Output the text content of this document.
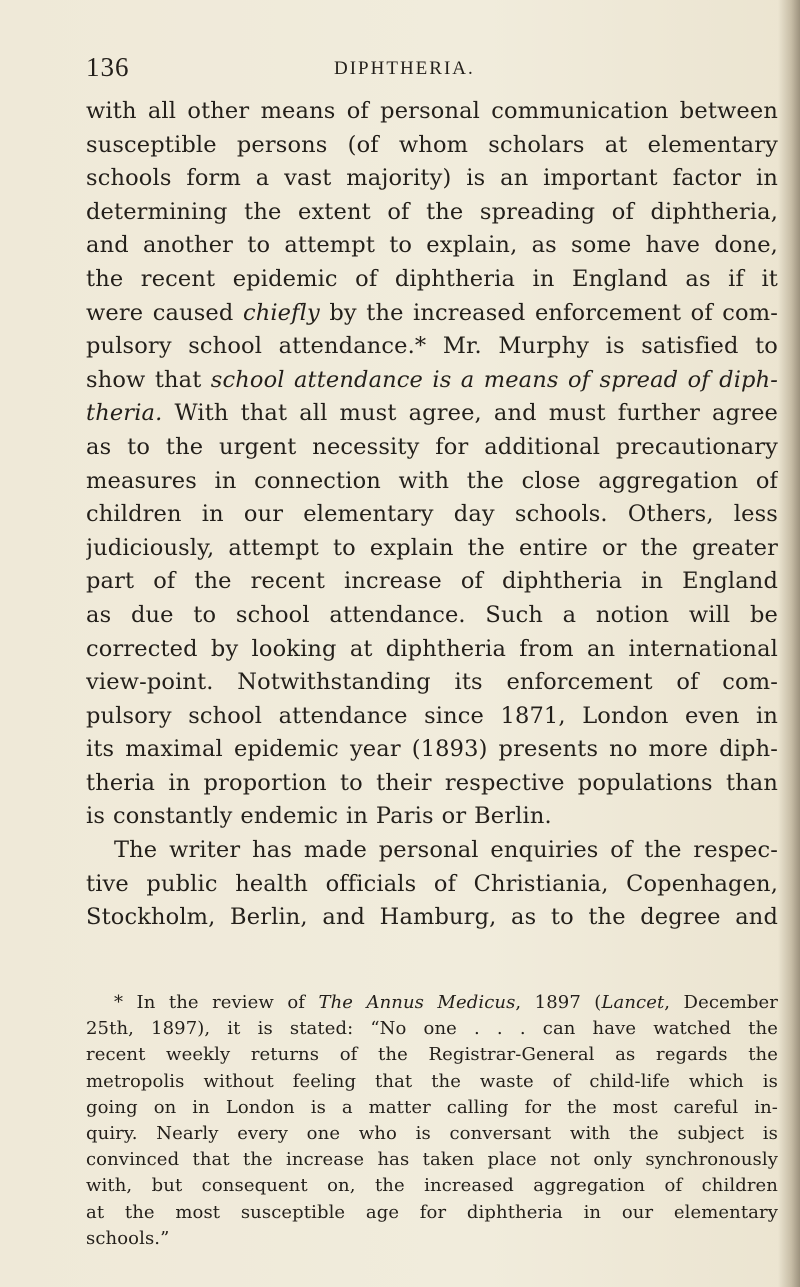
136	DIPHTHERIA.
with all other means of personal communication between
susceptible persons (of whom scholars at elementary
schools form a vast majority) is an important factor in
determining the extent of the spreading of diphtheria,
and another to attempt to explain, as some have done,
the recent epidemic of diphtheria in England as if it
were caused chiefly by the increased enforcement of com-
pulsory school attendance.* Mr. Murphy is satisfied to
show that school attendance is a means of spread of diph-
theria. With that all must agree, and must further agree
as to the urgent necessity for additional precautionary
measures in connection with the close aggregation of
children in our elementary day schools. Others, less
judiciously, attempt to explain the entire or the greater
part of the recent increase of diphtheria in England
as due to school attendance. Such a notion will be
corrected by looking at diphtheria from an international
view-point. Notwithstanding its enforcement of com-
pulsory school attendance since 1871, London even in
its maximal epidemic year (1893) presents no more diph-
theria in proportion to their respective populations than
is constantly endemic in Paris or Berlin.
The writer has made personal enquiries of the respec-
tive public health officials of Christiania, Copenhagen,
Stockholm, Berlin, and Hamburg, as to the degree and
* In the review of The Annus Medicus, 1897 (Lancet, December
25th, 1897), it is stated: “No one . . . can have watched the
recent weekly returns of the Registrar-General as regards the
metropolis without feeling that the waste of child-life which is
going on in London is a matter calling for the most careful in-
quiry. Nearly every one who is conversant with the subject is
convinced that the increase has taken place not only synchronously
with, but consequent on, the increased aggregation of children
at the most susceptible age for diphtheria in our elementary
schools.”
